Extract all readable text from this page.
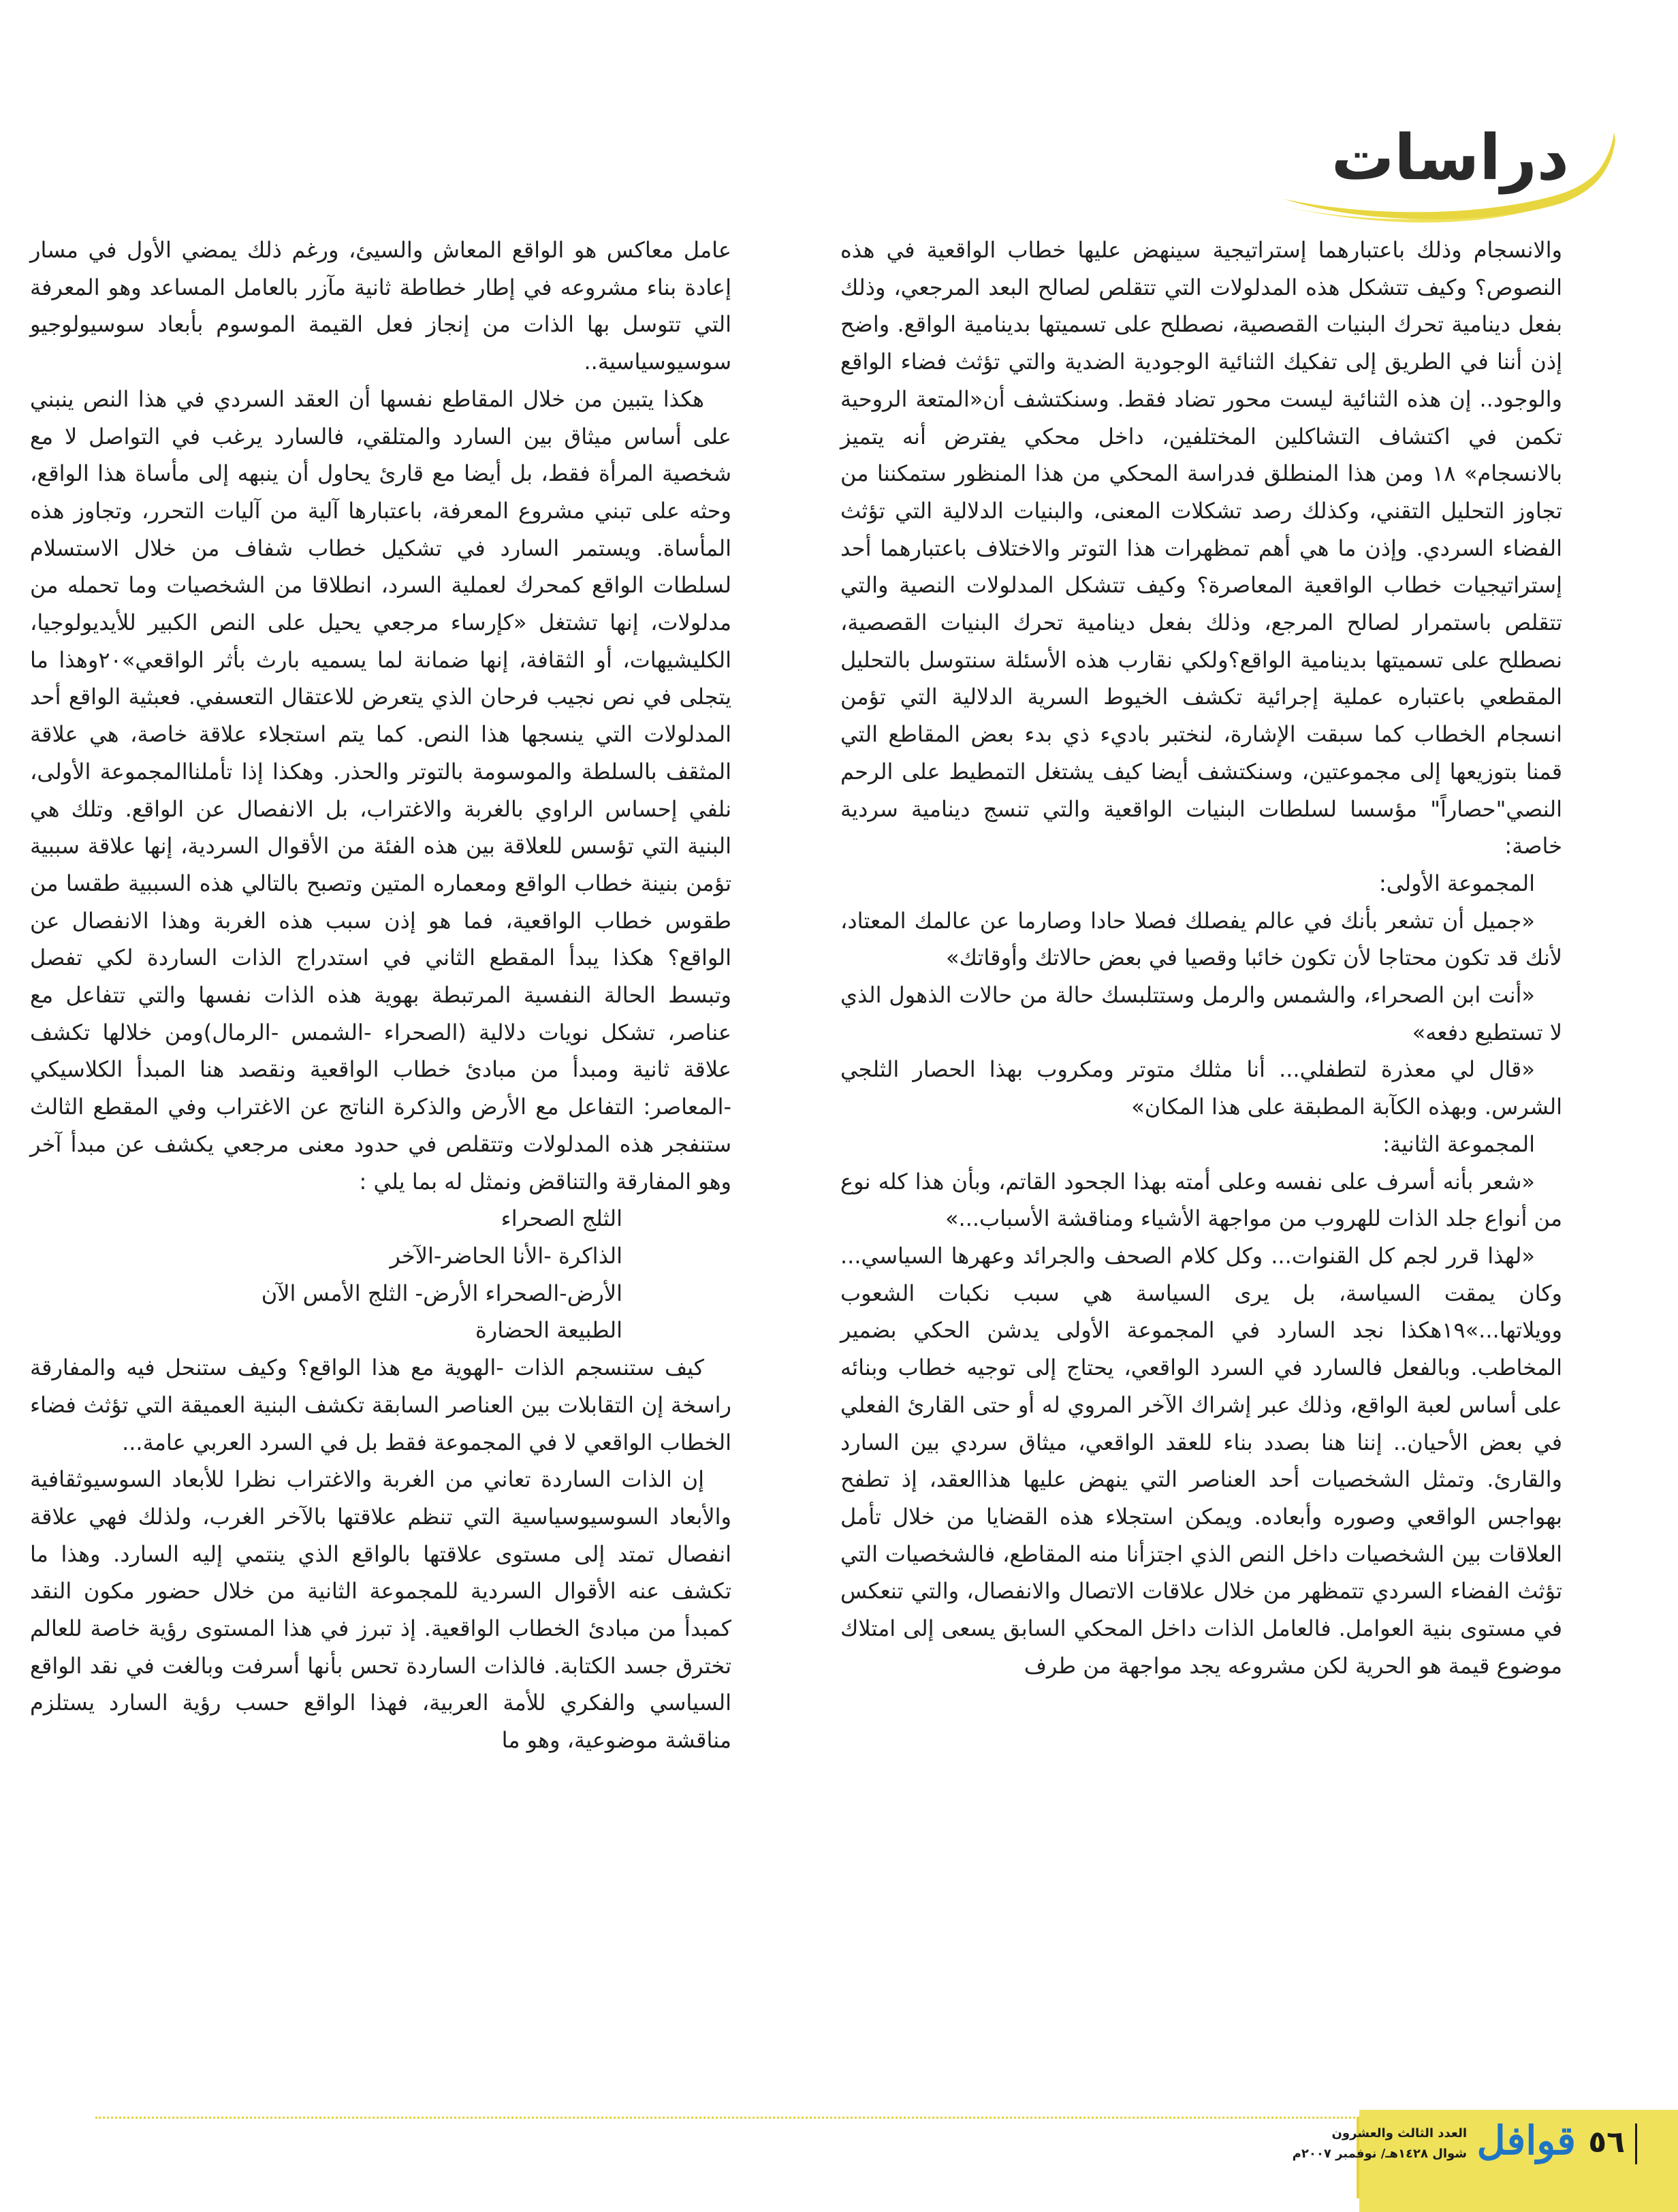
دراسات

والانسجام وذلك باعتبارهما إستراتيجية سينهض عليها خطاب الواقعية في هذه النصوص؟ وكيف تتشكل هذه المدلولات التي تتقلص لصالح البعد المرجعي، وذلك بفعل دينامية تحرك البنيات القصصية، نصطلح على تسميتها بدينامية الواقع. واضح إذن أننا في الطريق إلى تفكيك الثنائية الوجودية الضدية والتي تؤثث فضاء الواقع والوجود.. إن هذه الثنائية ليست محور تضاد فقط. وسنكتشف أن«المتعة الروحية تكمن في اكتشاف التشاكلين المختلفين، داخل محكي يفترض أنه يتميز بالانسجام» ١٨ ومن هذا المنطلق فدراسة المحكي من هذا المنظور ستمكننا من تجاوز التحليل التقني، وكذلك رصد تشكلات المعنى، والبنيات الدلالية التي تؤثث الفضاء السردي. وإذن ما هي أهم تمظهرات هذا التوتر والاختلاف باعتبارهما أحد إستراتيجيات خطاب الواقعية المعاصرة؟ وكيف تتشكل المدلولات النصية والتي تتقلص باستمرار لصالح المرجع، وذلك بفعل دينامية تحرك البنيات القصصية، نصطلح على تسميتها بدينامية الواقع؟ولكي نقارب هذه الأسئلة سنتوسل بالتحليل المقطعي باعتباره عملية إجرائية تكشف الخيوط السرية الدلالية التي تؤمن انسجام الخطاب كما سبقت الإشارة، لنختبر باديء ذي بدء بعض المقاطع التي قمنا بتوزيعها إلى مجموعتين، وسنكتشف أيضا كيف يشتغل التمطيط على الرحم النصي"حصاراً" مؤسسا لسلطات البنيات الواقعية والتي تنسج دينامية سردية خاصة:

المجموعة الأولى:

«جميل أن تشعر بأنك في عالم يفصلك فصلا حادا وصارما عن عالمك المعتاد، لأنك قد تكون محتاجا لأن تكون خائبا وقصيا في بعض حالاتك وأوقاتك»

«أنت ابن الصحراء، والشمس والرمل وستتلبسك حالة من حالات الذهول الذي لا تستطيع دفعه»

«قال لي معذرة لتطفلي... أنا مثلك متوتر ومكروب بهذا الحصار الثلجي الشرس. وبهذه الكآبة المطبقة على هذا المكان»

المجموعة الثانية:

«شعر بأنه أسرف على نفسه وعلى أمته بهذا الجحود القاتم، وبأن هذا كله نوع من أنواع جلد الذات للهروب من مواجهة الأشياء ومناقشة الأسباب...»

«لهذا قرر لجم كل القنوات... وكل كلام الصحف والجرائد وعهرها السياسي... وكان يمقت السياسة، بل يرى السياسة هي سبب نكبات الشعوب وويلاتها...»١٩هكذا نجد السارد في المجموعة الأولى يدشن الحكي بضمير المخاطب. وبالفعل فالسارد في السرد الواقعي، يحتاج إلى توجيه خطاب وبنائه على أساس لعبة الواقع، وذلك عبر إشراك الآخر المروي له أو حتى القارئ الفعلي في بعض الأحيان.. إننا هنا بصدد بناء للعقد الواقعي، ميثاق سردي بين السارد والقارئ. وتمثل الشخصيات أحد العناصر التي ينهض عليها هذاالعقد، إذ تطفح بهواجس الواقعي وصوره وأبعاده. ويمكن استجلاء هذه القضايا من خلال تأمل العلاقات بين الشخصيات داخل النص الذي اجتزأنا منه المقاطع، فالشخصيات التي تؤثث الفضاء السردي تتمظهر من خلال علاقات الاتصال والانفصال، والتي تنعكس في مستوى بنية العوامل. فالعامل الذات داخل المحكي السابق يسعى إلى امتلاك موضوع قيمة هو الحرية لكن مشروعه يجد مواجهة من طرف

عامل معاكس هو الواقع المعاش والسيئ، ورغم ذلك يمضي الأول في مسار إعادة بناء مشروعه في إطار خطاطة ثانية مآزر بالعامل المساعد وهو المعرفة التي تتوسل بها الذات من إنجاز فعل القيمة الموسوم بأبعاد سوسيولوجيو سوسيوسياسية..

هكذا يتبين من خلال المقاطع نفسها أن العقد السردي في هذا النص ينبني على أساس ميثاق بين السارد والمتلقي، فالسارد يرغب في التواصل لا مع شخصية المرأة فقط، بل أيضا مع قارئ يحاول أن ينبهه إلى مأساة هذا الواقع، وحثه على تبني مشروع المعرفة، باعتبارها آلية من آليات التحرر، وتجاوز هذه المأساة. ويستمر السارد في تشكيل خطاب شفاف من خلال الاستسلام لسلطات الواقع كمحرك لعملية السرد، انطلاقا من الشخصيات وما تحمله من مدلولات، إنها تشتغل «كإرساء مرجعي يحيل على النص الكبير للأيديولوجيا، الكليشيهات، أو الثقافة، إنها ضمانة لما يسميه بارث بأثر الواقعي»٢٠وهذا ما يتجلى في نص نجيب فرحان الذي يتعرض للاعتقال التعسفي. فعبثية الواقع أحد المدلولات التي ينسجها هذا النص. كما يتم استجلاء علاقة خاصة، هي علاقة المثقف بالسلطة والموسومة بالتوتر والحذر. وهكذا إذا تأملناالمجموعة الأولى، نلفي إحساس الراوي بالغربة والاغتراب، بل الانفصال عن الواقع. وتلك هي البنية التي تؤسس للعلاقة بين هذه الفئة من الأقوال السردية، إنها علاقة سببية تؤمن بنينة خطاب الواقع ومعماره المتين وتصبح بالتالي هذه السببية طقسا من طقوس خطاب الواقعية، فما هو إذن سبب هذه الغربة وهذا الانفصال عن الواقع؟ هكذا يبدأ المقطع الثاني في استدراج الذات الساردة لكي تفصل وتبسط الحالة النفسية المرتبطة بهوية هذه الذات نفسها والتي تتفاعل مع عناصر، تشكل نويات دلالية (الصحراء -الشمس -الرمال)ومن خلالها تكشف علاقة ثانية ومبدأ من مبادئ خطاب الواقعية ونقصد هنا المبدأ الكلاسيكي -المعاصر: التفاعل مع الأرض والذكرة الناتج عن الاغتراب وفي المقطع الثالث ستنفجر هذه المدلولات وتتقلص في حدود معنى مرجعي يكشف عن مبدأ آخر وهو المفارقة والتناقض ونمثل له بما يلي :

الثلج الصحراء
الذاكرة -الأنا الحاضر-الآخر
الأرض-الصحراء الأرض- الثلج الأمس الآن
الطبيعة الحضارة

كيف ستنسجم الذات -الهوية مع هذا الواقع؟ وكيف ستنحل فيه والمفارقة راسخة إن التقابلات بين العناصر السابقة تكشف البنية العميقة التي تؤثث فضاء الخطاب الواقعي لا في المجموعة فقط بل في السرد العربي عامة...

إن الذات الساردة تعاني من الغربة والاغتراب نظرا للأبعاد السوسيوثقافية والأبعاد السوسيوسياسية التي تنظم علاقتها بالآخر الغرب، ولذلك فهي علاقة انفصال تمتد إلى مستوى علاقتها بالواقع الذي ينتمي إليه السارد. وهذا ما تكشف عنه الأقوال السردية للمجموعة الثانية من خلال حضور مكون النقد كمبدأ من مبادئ الخطاب الواقعية. إذ تبرز في هذا المستوى رؤية خاصة للعالم تخترق جسد الكتابة. فالذات الساردة تحس بأنها أسرفت وبالغت في نقد الواقع السياسي والفكري للأمة العربية، فهذا الواقع حسب رؤية السارد يستلزم مناقشة موضوعية، وهو ما

٥٦
قوافل
العدد الثالث والعشرون
شوال ١٤٢٨هـ/ نوفمبر ٢٠٠٧م
